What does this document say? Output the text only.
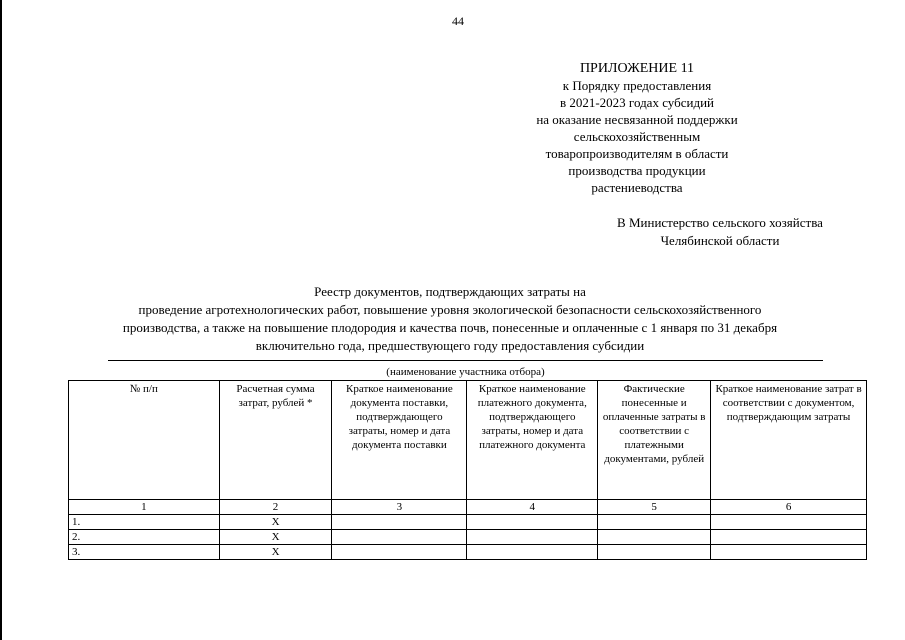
44
ПРИЛОЖЕНИЕ 11
к Порядку предоставления
в 2021-2023 годах субсидий
на оказание несвязанной поддержки
сельскохозяйственным
товаропроизводителям в области
производства продукции
растениеводства
В Министерство сельского хозяйства
Челябинской области
Реестр документов, подтверждающих затраты на
проведение агротехнологических работ, повышение уровня экологической безопасности сельскохозяйственного
производства, а также на повышение плодородия и качества почв, понесенные и оплаченные с 1 января по 31 декабря
включительно года, предшествующего году предоставления субсидии
(наименование участника отбора)
№ п/п	Расчетная сумма затрат, рублей *	Краткое наименование документа поставки, подтверждающего затраты, номер и дата документа поставки	Краткое наименование платежного документа, подтверждающего затраты, номер и дата платежного документа	Фактические понесенные и оплаченные затраты в соответствии с платежными документами, рублей	Краткое наименование затрат в соответствии с документом, подтверждающим затраты
1	2	3	4	5	6
1.	X				
2.	X				
3.	X				
